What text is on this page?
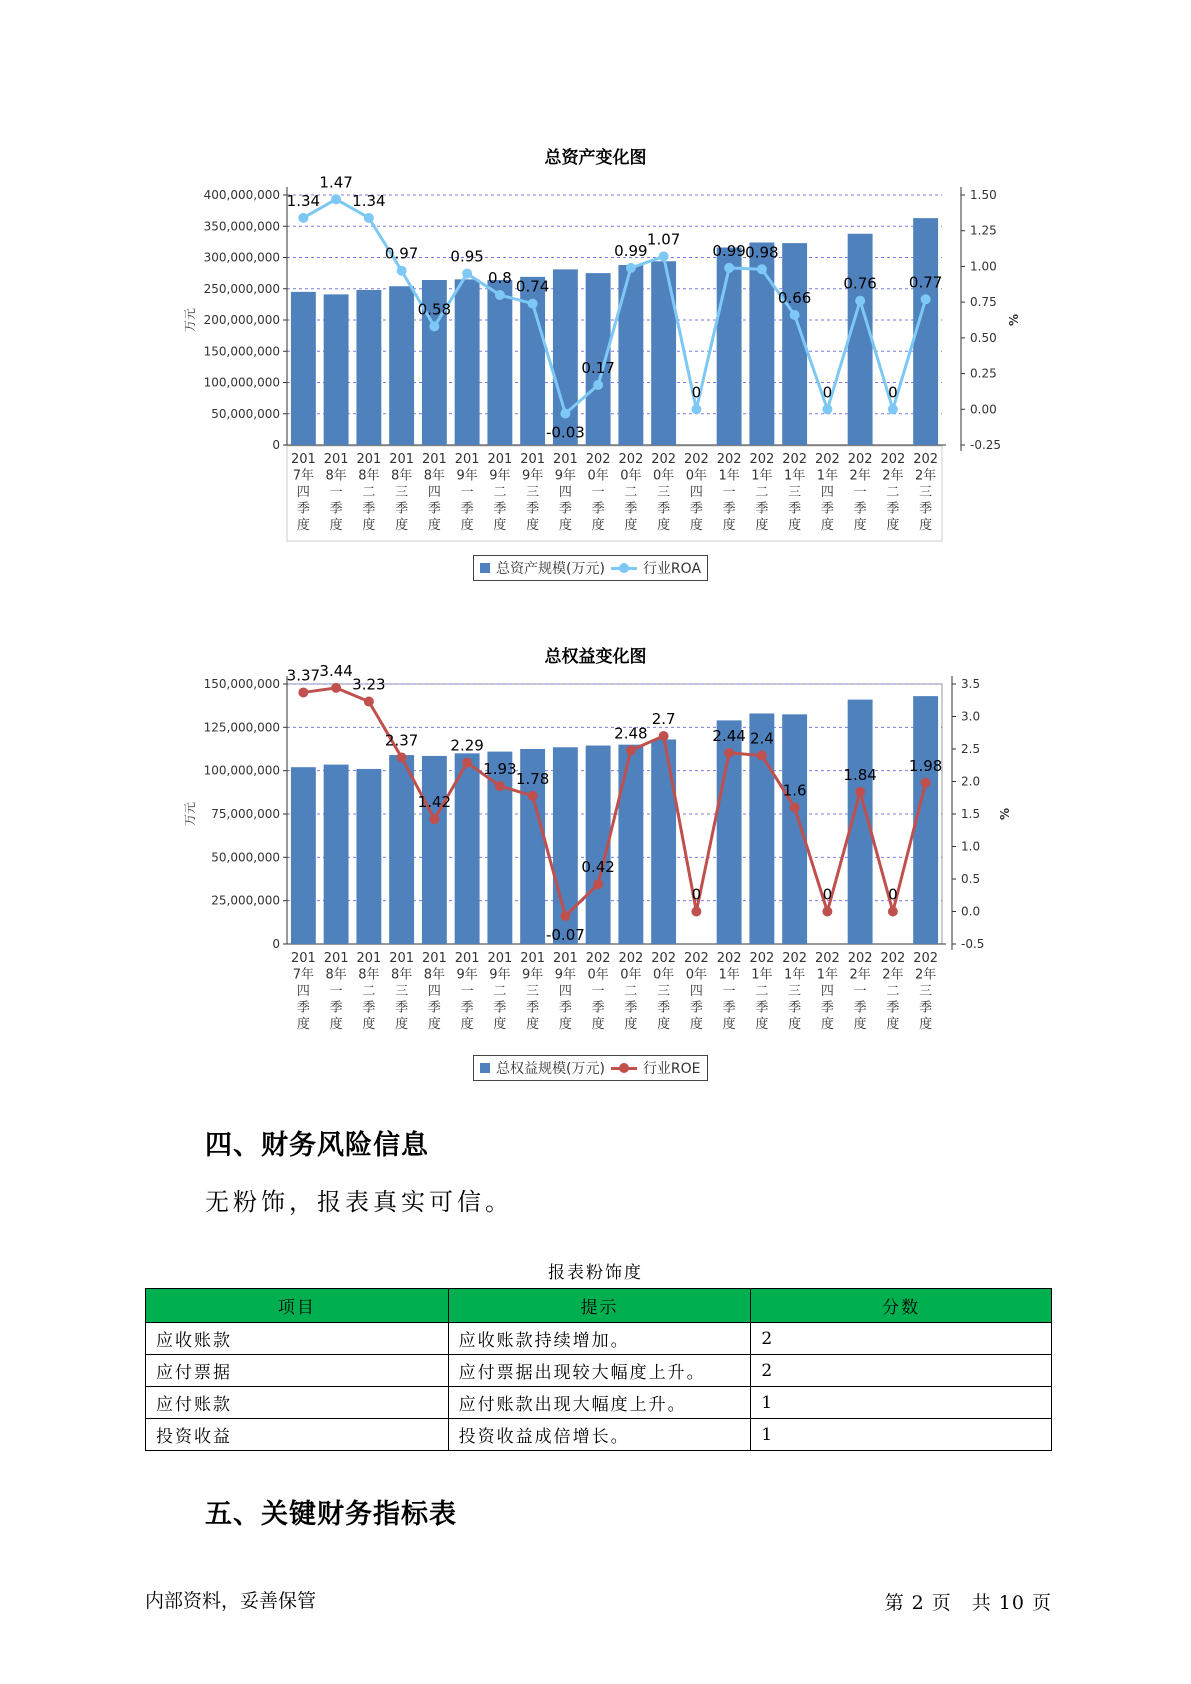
总资产变化图
0
50,000,000
100,000,000
150,000,000
200,000,000
250,000,000
300,000,000
350,000,000
400,000,000
-0.25
0.00
0.25
0.50
0.75
1.00
1.25
1.50
万元	%
1.34
1.47
1.34
0.97
0.58
0.95
0.8 0.74
-0.03
0.17
0.99
1.07
0
0.99 0.98
0.66
0
0.76
0
0.77
201
7年
四
季
度
201
8年
一
季
度
201
8年
二
季
度
201
8年
三
季
度
201
8年
四
季
度
201
9年
一
季
度
201
9年
二
季
度
201
9年
三
季
度
201
9年
四
季
度
202
0年
一
季
度
202
0年
二
季
度
202
0年
三
季
度
202
0年
四
季
度
202
1年
一
季
度
202
1年
二
季
度
202
1年
三
季
度
202
1年
四
季
度
202
2年
一
季
度
202
2年
二
季
度
202
2年
三
季
度
总资产规模(万元)	行业ROA
总权益变化图
0
25,000,000
50,000,000
75,000,000
100,000,000
125,000,000
150,000,000
-0.5
0.0
0.5
1.0
1.5
2.0
2.5
3.0
3.5
万元	%
3.37 3.44
3.23
2.37
1.42
2.29
1.93
1.78
-0.07
0.42
2.48
2.7
0
2.44 2.4
1.6
0
1.84
0
1.98
201
7年
四
季
度
201
8年
一
季
度
201
8年
二
季
度
201
8年
三
季
度
201
8年
四
季
度
201
9年
一
季
度
201
9年
二
季
度
201
9年
三
季
度
201
9年
四
季
度
202
0年
一
季
度
202
0年
二
季
度
202
0年
三
季
度
202
0年
四
季
度
202
1年
一
季
度
202
1年
二
季
度
202
1年
三
季
度
202
1年
四
季
度
202
2年
一
季
度
202
2年
二
季
度
202
2年
三
季
度
总权益规模(万元)	行业ROE
四、财务风险信息
无粉饰，报表真实可信。
报表粉饰度
项目	提示	分数
应收账款	应收账款持续增加。	2
应付票据	应付票据出现较大幅度上升。	2
应付账款	应付账款出现大幅度上升。	1
投资收益	投资收益成倍增长。	1
五、关键财务指标表
内部资料，妥善保管	第 2 页　共 10 页
